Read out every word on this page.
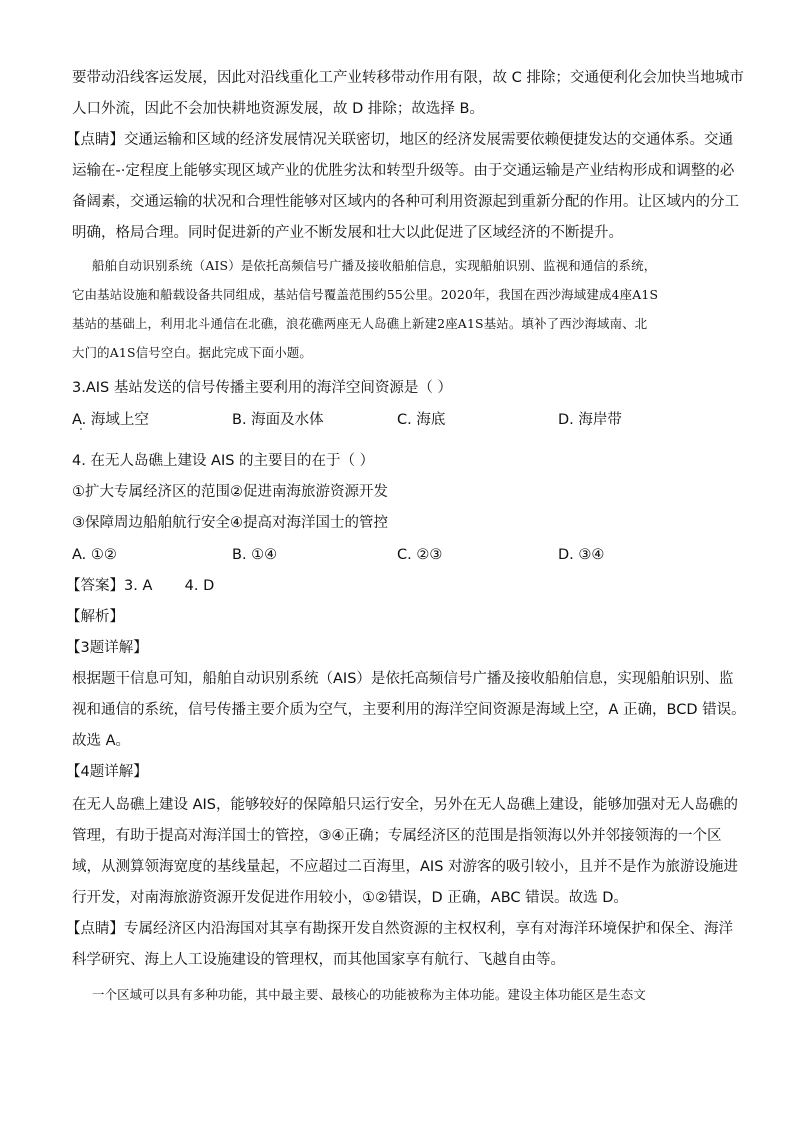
要带动沿线客运发展，因此对沿线重化工产业转移带动作用有限，故 C 排除；交通便利化会加快当地城市
人口外流，因此不会加快耕地资源发展，故 D 排除；故选择 B。
【 点睛 】 交通运输和区域的经济发展情况关联密切，地区的经济发展需要依赖便捷发达的交通体系。交通
运输在-·定程度上能够实现区域产业的优胜劣汰和转型升级等。由于交通运输是产业结构形成和调整的必
备阔素，交通运输的状况和合理性能够对区域内的各种可利用资源起到重新分配的作用。让区域内的分工
明确，格局合理。同时促进新的产业不断发展和壮大以此促进了区域经济的不断提升。
船舶自动识别系统（AIS）是依托高频信号广播及接收船舶信息，实现船舶识别、监视和通信的系统，
它由基站设施和船载设备共同组成，基站信号覆盖范围约55公里。2020年，我国在西沙海域建成4座A1S
基站的基础上，利用北斗通信在北礁，浪花礁两座无人岛礁上新建2座A1S基站。填补了西沙海域南、北
大门的A1S信号空白。据此完成下面小题。
3.AIS 基站发送的信号传播主要利用的海洋空间资源是（ ）
A. 海域上空	B. 海面及水体	C. 海底	D. 海岸带
4. 在无人岛礁上建设 AIS 的主要目的在于（ ）
①扩大专属经济区的范围②促进南海旅游资源开发
③保障周边船舶航行安全④提高对海洋国士的管控
A. ①②	B. ①④	C. ②③	D. ③④
【 答案 】 3. A       4. D
【 解析 】
【 3题详解 】
根据题干信息可知，船舶自动识别系统（AIS）是依托高频信号广播及接收船舶信息，实现船舶识别、监
视和通信的系统，信号传播主要介质为空气，主要利用的海洋空间资源是海域上空，A 正确，BCD 错误。
故选 A。
【 4题详解 】
在无人岛礁上建设 AIS，能够较好的保障船只运行安全，另外在无人岛礁上建设，能够加强对无人岛礁的
管理，有助于提高对海洋国士的管控，③④正确；专属经济区的范围是指领海以外并邻接领海的一个区
域，从测算领海宽度的基线量起，不应超过二百海里，AIS 对游客的吸引较小，且并不是作为旅游设施进
行开发，对南海旅游资源开发促进作用较小，①②错误，D 正确，ABC 错误。故选 D。
【 点睛 】 专属经济区内沿海国对其享有勘探开发自然资源的主权权利，享有对海洋环境保护和保全、海洋
科学研究、海上人工设施建设的管理权，而其他国家享有航行、飞越自由等。
一个区域可以具有多种功能，其中最主要、最核心的功能被称为主体功能。建设主体功能区是生态文
